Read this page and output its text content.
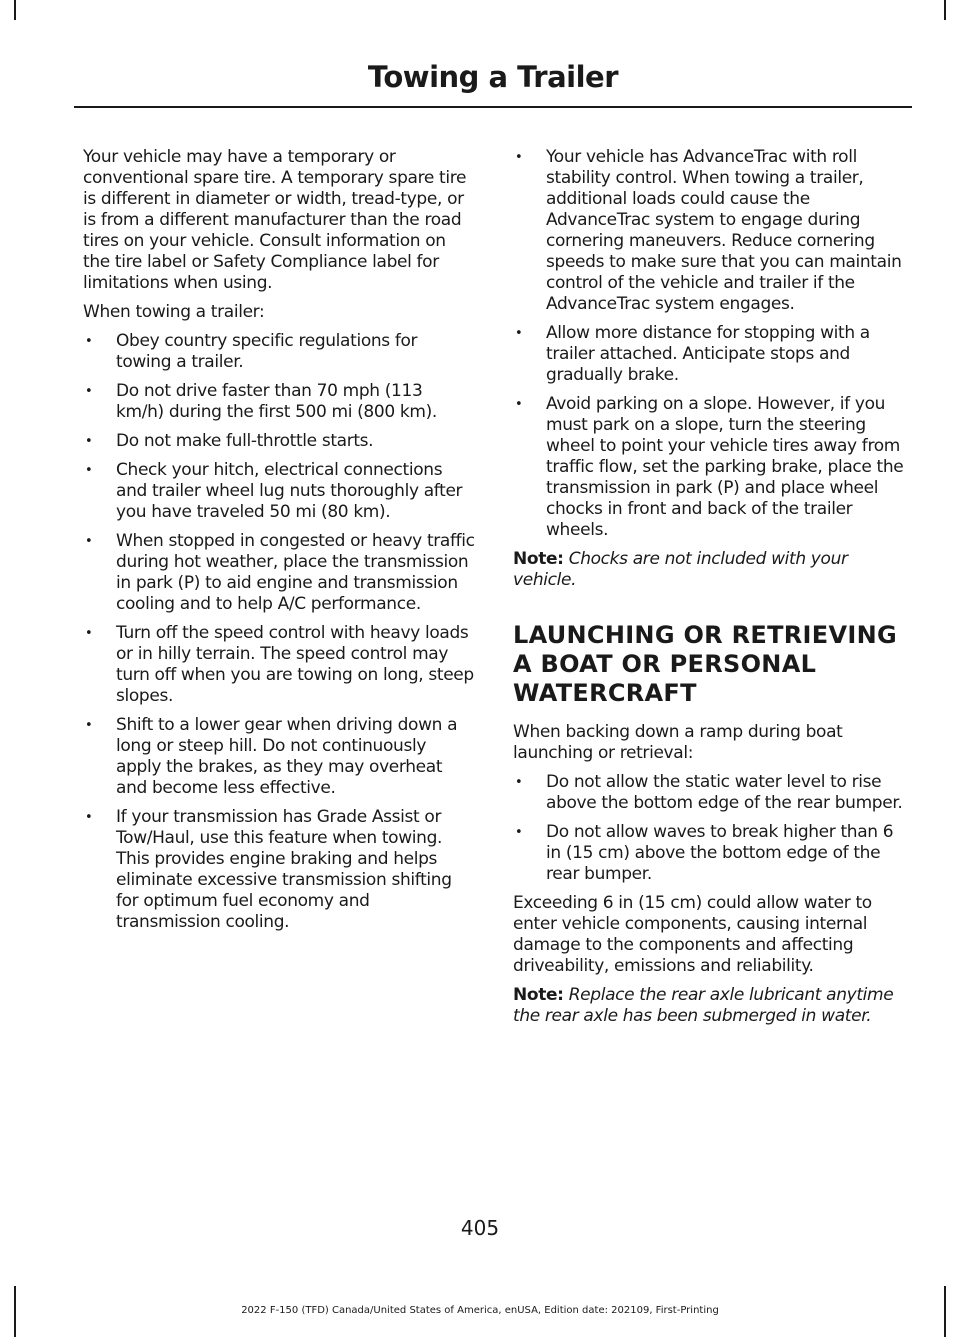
Towing a Trailer

Your vehicle may have a temporary or conventional spare tire. A temporary spare tire is different in diameter or width, tread-type, or is from a different manufacturer than the road tires on your vehicle. Consult information on the tire label or Safety Compliance label for limitations when using.

When towing a trailer:

• Obey country specific regulations for towing a trailer.
• Do not drive faster than 70 mph (113 km/h) during the first 500 mi (800 km).
• Do not make full-throttle starts.
• Check your hitch, electrical connections and trailer wheel lug nuts thoroughly after you have traveled 50 mi (80 km).
• When stopped in congested or heavy traffic during hot weather, place the transmission in park (P) to aid engine and transmission cooling and to help A/C performance.
• Turn off the speed control with heavy loads or in hilly terrain. The speed control may turn off when you are towing on long, steep slopes.
• Shift to a lower gear when driving down a long or steep hill. Do not continuously apply the brakes, as they may overheat and become less effective.
• If your transmission has Grade Assist or Tow/Haul, use this feature when towing. This provides engine braking and helps eliminate excessive transmission shifting for optimum fuel economy and transmission cooling.
• Your vehicle has AdvanceTrac with roll stability control. When towing a trailer, additional loads could cause the AdvanceTrac system to engage during cornering maneuvers. Reduce cornering speeds to make sure that you can maintain control of the vehicle and trailer if the AdvanceTrac system engages.
• Allow more distance for stopping with a trailer attached. Anticipate stops and gradually brake.
• Avoid parking on a slope. However, if you must park on a slope, turn the steering wheel to point your vehicle tires away from traffic flow, set the parking brake, place the transmission in park (P) and place wheel chocks in front and back of the trailer wheels.

Note: Chocks are not included with your vehicle.

LAUNCHING OR RETRIEVING A BOAT OR PERSONAL WATERCRAFT

When backing down a ramp during boat launching or retrieval:

• Do not allow the static water level to rise above the bottom edge of the rear bumper.
• Do not allow waves to break higher than 6 in (15 cm) above the bottom edge of the rear bumper.

Exceeding 6 in (15 cm) could allow water to enter vehicle components, causing internal damage to the components and affecting driveability, emissions and reliability.

Note: Replace the rear axle lubricant anytime the rear axle has been submerged in water.

405
2022 F-150 (TFD) Canada/United States of America, enUSA, Edition date: 202109, First-Printing
